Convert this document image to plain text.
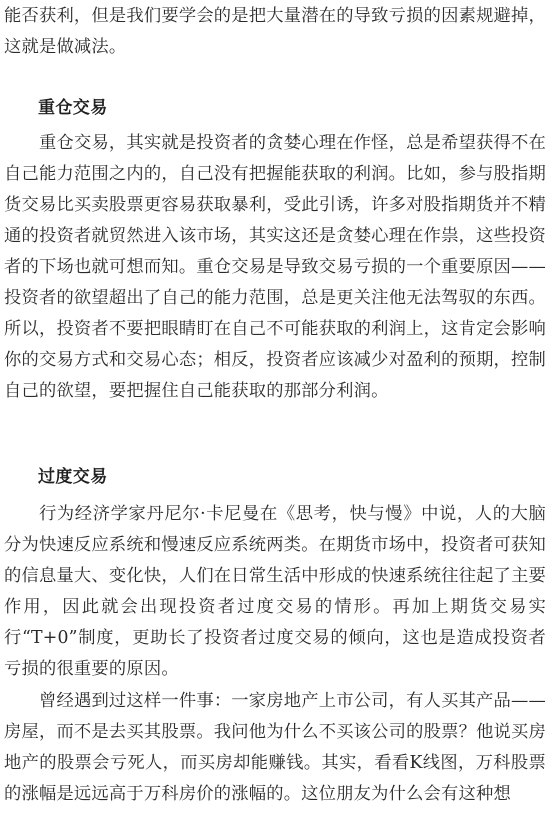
能否获利，但是我们要学会的是把大量潜在的导致亏损的因素规避掉，这就是做减法。
重仓交易
重仓交易，其实就是投资者的贪婪心理在作怪，总是希望获得不在自己能力范围之内的，自己没有把握能获取的利润。比如，参与股指期货交易比买卖股票更容易获取暴利，受此引诱，许多对股指期货并不精通的投资者就贸然进入该市场，其实这还是贪婪心理在作祟，这些投资者的下场也就可想而知。重仓交易是导致交易亏损的一个重要原因——投资者的欲望超出了自己的能力范围，总是更关注他无法驾驭的东西。所以，投资者不要把眼睛盯在自己不可能获取的利润上，这肯定会影响你的交易方式和交易心态；相反，投资者应该减少对盈利的预期，控制自己的欲望，要把握住自己能获取的那部分利润。
过度交易
行为经济学家丹尼尔·卡尼曼在《思考，快与慢》中说，人的大脑分为快速反应系统和慢速反应系统两类。在期货市场中，投资者可获知的信息量大、变化快，人们在日常生活中形成的快速系统往往起了主要作用，因此就会出现投资者过度交易的情形。再加上期货交易实行“T+0”制度，更助长了投资者过度交易的倾向，这也是造成投资者亏损的很重要的原因。
曾经遇到过这样一件事：一家房地产上市公司，有人买其产品——房屋，而不是去买其股票。我问他为什么不买该公司的股票？他说买房地产的股票会亏死人，而买房却能赚钱。其实，看看K线图，万科股票的涨幅是远远高于万科房价的涨幅的。这位朋友为什么会有这种想
